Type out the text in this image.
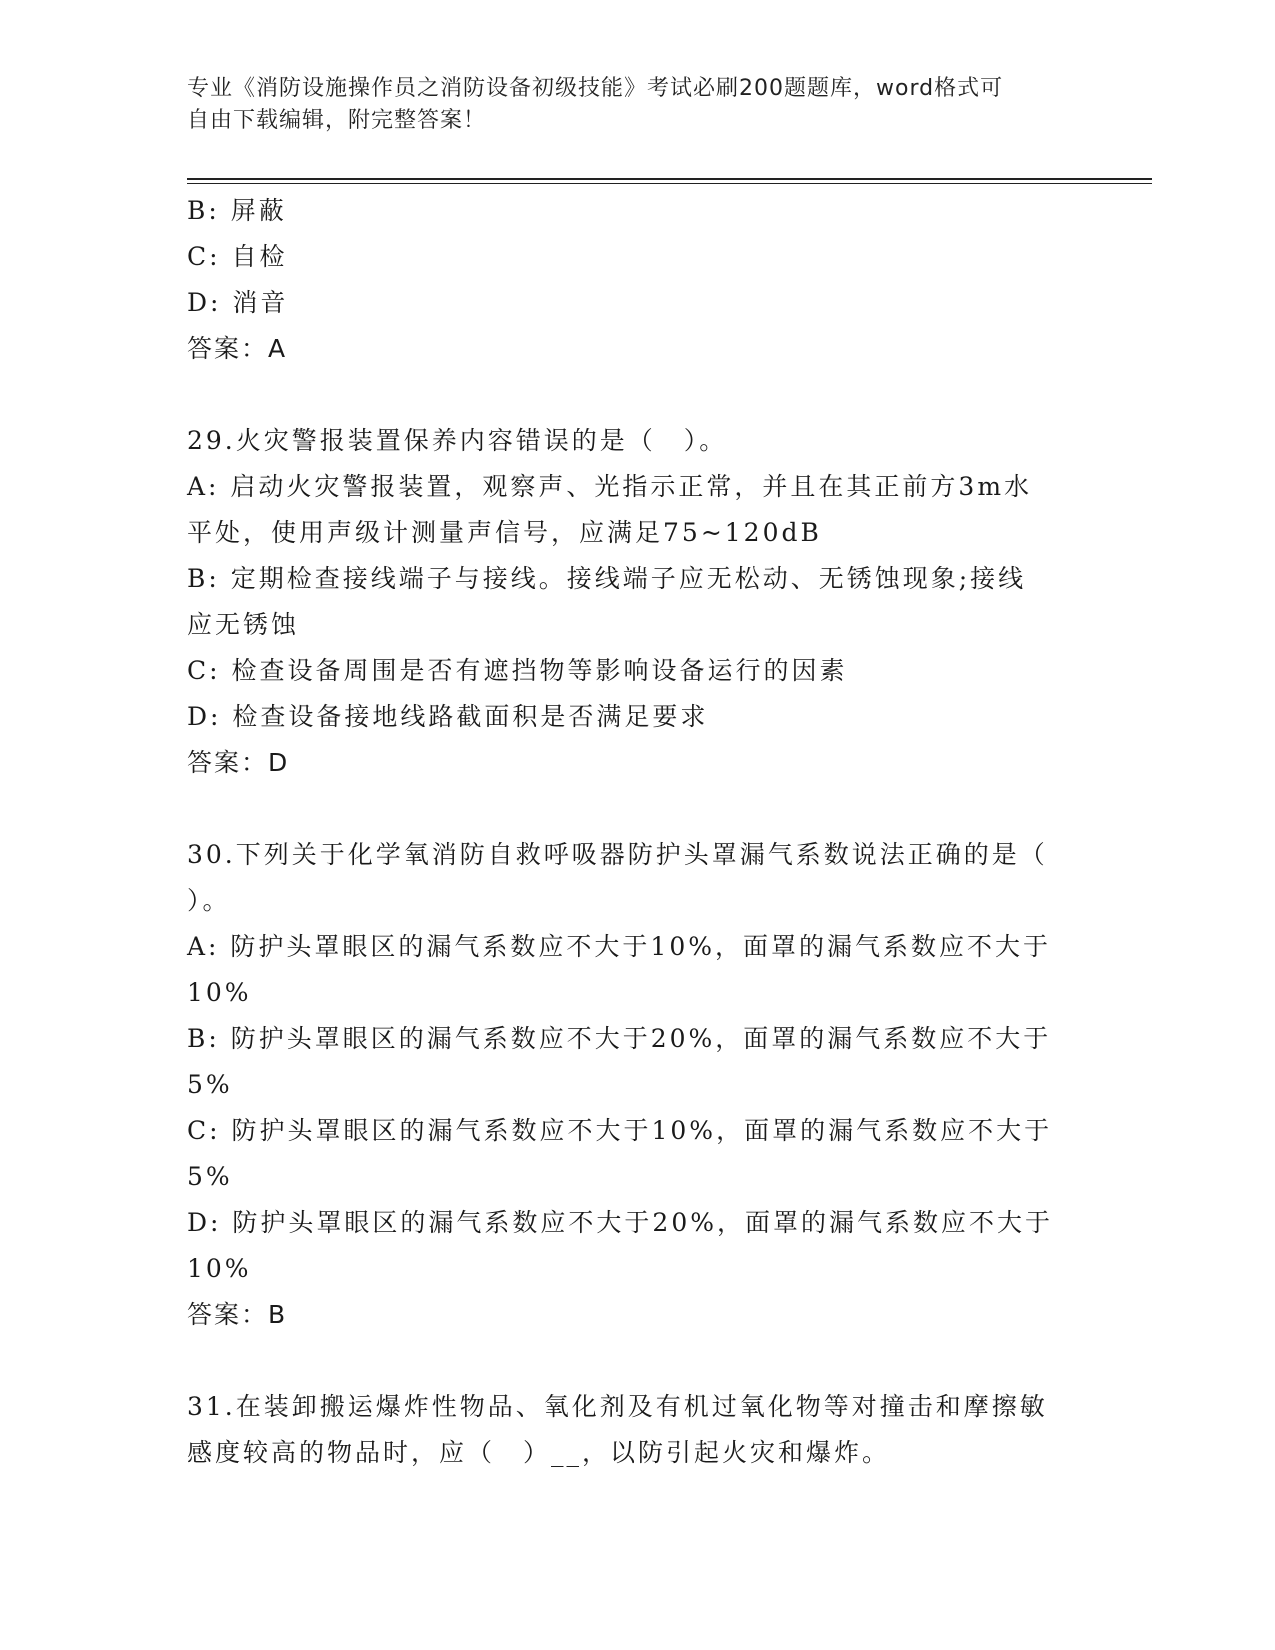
专业《消防设施操作员之消防设备初级技能》考试必刷200题题库，word格式可
自由下载编辑，附完整答案！
B: 屏蔽
C: 自检
D: 消音
答案：A
29.火灾警报装置保养内容错误的是（　）。
A: 启动火灾警报装置，观察声、光指示正常，并且在其正前方3m水
平处，使用声级计测量声信号，应满足75~120dB
B: 定期检查接线端子与接线。接线端子应无松动、无锈蚀现象;接线
应无锈蚀
C: 检查设备周围是否有遮挡物等影响设备运行的因素
D: 检查设备接地线路截面积是否满足要求
答案：D
30.下列关于化学氧消防自救呼吸器防护头罩漏气系数说法正确的是（
）。
A: 防护头罩眼区的漏气系数应不大于10%，面罩的漏气系数应不大于
10%
B: 防护头罩眼区的漏气系数应不大于20%，面罩的漏气系数应不大于
5%
C: 防护头罩眼区的漏气系数应不大于10%，面罩的漏气系数应不大于
5%
D: 防护头罩眼区的漏气系数应不大于20%，面罩的漏气系数应不大于
10%
答案：B
31.在装卸搬运爆炸性物品、氧化剂及有机过氧化物等对撞击和摩擦敏
感度较高的物品时，应（　）__，以防引起火灾和爆炸。
